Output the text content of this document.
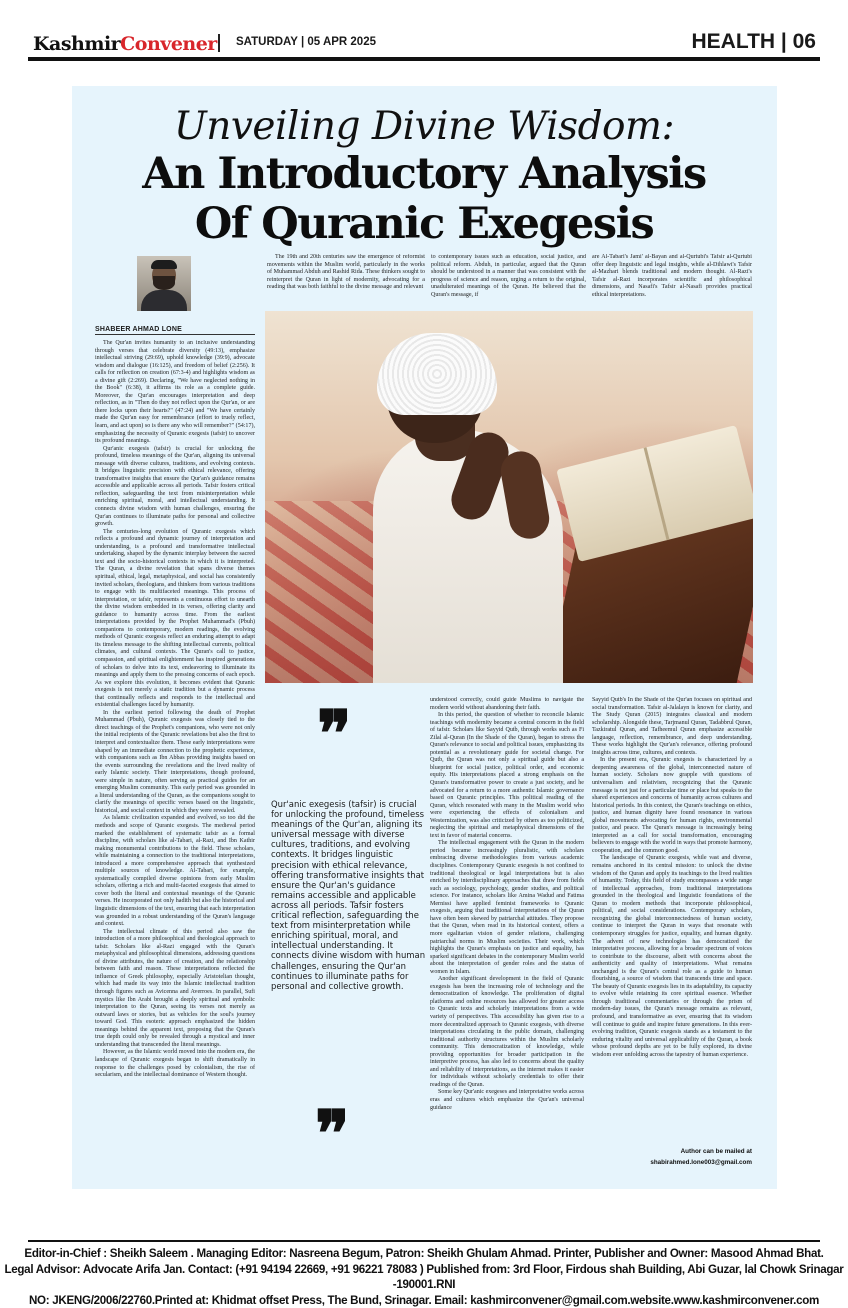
KashmirConvener SATURDAY | 05 APR 2025	HEALTH | 06
Unveiling Divine Wisdom:
An Introductory Analysis
Of Quranic Exegesis
SHABEER AHMAD LONE

The Qur'an invites humanity to an inclusive understanding through verses that celebrate diversity (49:13), emphasize intellectual striving (29:69), uphold knowledge (39:9), advocate wisdom and dialogue (16:125), and freedom of belief (2:256). It calls for reflection on creation (67:3-4) and highlights wisdom as a divine gift (2:269). Declaring, "We have neglected nothing in the Book" (6:38), it affirms its role as a complete guide. Moreover, the Qur'an encourages interpretation and deep reflection, as in "Then do they not reflect upon the Qur'an, or are there locks upon their hearts?" (47:24) and "We have certainly made the Qur'an easy for remembrance (effort to truely reflect, learn, and act upon) so is there any who will remember?" (54:17), emphasizing the necessity of Quranic exegesis (tafsir) to uncover its profound meanings.

Qur'anic exegesis (tafsir) is crucial for unlocking the profound, timeless meanings of the Qur'an, aligning its universal message with diverse cultures, traditions, and evolving contexts. It bridges linguistic precision with ethical relevance, offering transformative insights that ensure the Qur'an's guidance remains accessible and applicable across all periods. Tafsir fosters critical reflection, safeguarding the text from misinterpretation while enriching spiritual, moral, and intellectual understanding. It connects divine wisdom with human challenges, ensuring the Qur'an continues to illuminate paths for personal and collective growth.

The centuries-long evolution of Quranic exegesis which reflects a profound and dynamic journey of interpretation and understanding, is a profound and transformative intellectual undertaking, shaped by the dynamic interplay between the sacred text and the socio-historical contexts in which it is interpreted. The Quran, a divine revelation that spans diverse themes spiritual, ethical, legal, metaphysical, and social has consistently invited scholars, theologians, and thinkers from various traditions to engage with its multifaceted meanings. This process of interpretation, or tafsir, represents a continuous effort to unearth the divine wisdom embedded in its verses, offering clarity and guidance to humanity across time. From the earliest interpretations provided by the Prophet Muhammad's (Pbuh) companions to contemporary, modern readings, the evolving methods of Quranic exegesis reflect an enduring attempt to adapt its timeless message to the shifting intellectual currents, political climates, and cultural contexts. The Quran's call to justice, compassion, and spiritual enlightenment has inspired generations of scholars to delve into its text, endeavoring to illuminate its meanings and apply them to the pressing concerns of each epoch. As we explore this evolution, it becomes evident that Quranic exegesis is not merely a static tradition but a dynamic process that continually reflects and responds to the intellectual and existential challenges faced by humanity.

In the earliest period following the death of Prophet Muhammad (Pbuh), Quranic exegesis was closely tied to the direct teachings of the Prophet's companions, who were not only the initial recipients of the Quranic revelations but also the first to interpret and contextualize them. These early interpretations were shaped by an immediate connection to the prophetic experience, with companions such as Ibn Abbas providing insights based on the events surrounding the revelations and the lived reality of early Islamic society. Their interpretations, though profound, were simple in nature, often serving as practical guides for an emerging Muslim community. This early period was grounded in a literal understanding of the Quran, as the companions sought to clarify the meanings of specific verses based on the linguistic, historical, and social context in which they were revealed.

As Islamic civilization expanded and evolved, so too did the methods and scope of Quranic exegesis. The medieval period marked the establishment of systematic tafsir as a formal discipline, with scholars like al-Tabari, al-Razi, and Ibn Kathir making monumental contributions to the field. These scholars, while maintaining a connection to the traditional interpretations, introduced a more comprehensive approach that synthesized multiple sources of knowledge. Al-Tabari, for example, systematically compiled diverse opinions from early Muslim scholars, offering a rich and multi-faceted exegesis that aimed to cover both the literal and contextual meanings of the Quranic verses. He incorporated not only hadith but also the historical and linguistic dimensions of the text, ensuring that each interpretation was grounded in a robust understanding of the Quran's language and context.

The intellectual climate of this period also saw the introduction of a more philosophical and theological approach to tafsir. Scholars like al-Razi engaged with the Quran's metaphysical and philosophical dimensions, addressing questions of divine attributes, the nature of creation, and the relationship between faith and reason. These interpretations reflected the influence of Greek philosophy, especially Aristotelian thought, which had made its way into the Islamic intellectual tradition through figures such as Avicenna and Averroes. In parallel, Sufi mystics like Ibn Arabi brought a deeply spiritual and symbolic interpretation to the Quran, seeing its verses not merely as outward laws or stories, but as vehicles for the soul's journey toward God. This esoteric approach emphasized the hidden meanings behind the apparent text, proposing that the Quran's true depth could only be revealed through a mystical and inner understanding that transcended the literal meanings.

However, as the Islamic world moved into the modern era, the landscape of Quranic exegesis began to shift dramatically in response to the challenges posed by colonialism, the rise of secularism, and the intellectual dominance of Western thought.

The 19th and 20th centuries saw the emergence of reformist movements within the Muslim world, particularly in the works of Muhammad Abduh and Rashid Rida. These thinkers sought to reinterpret the Quran in light of modernity, advocating for a reading that was both faithful to the divine message and relevant

to contemporary issues such as education, social justice, and political reform. Abduh, in particular, argued that the Quran should be understood in a manner that was consistent with the progress of science and reason, urging a return to the original, unadulterated meanings of the Quran. He believed that the Quran's message, if

are Al-Tabari's Jami' al-Bayan and al-Qurtubi's Tafsir al-Qurtubi offer deep linguistic and legal insights, while al-Dihlawi's Tafsir al-Mazhari blends traditional and modern thought. Al-Razi's Tafsir al-Razi incorporates scientific and philosophical dimensions, and Nasafi's Tafsir al-Nasafi provides practical ethical interpretations.

❞
Qur'anic exegesis (tafsir) is crucial for unlocking the profound, timeless meanings of the Qur'an, aligning its universal message with diverse cultures, traditions, and evolving contexts. It bridges linguistic precision with ethical relevance, offering transformative insights that ensure the Qur'an's guidance remains accessible and applicable across all periods. Tafsir fosters critical reflection, safeguarding the text from misinterpretation while enriching spiritual, moral, and intellectual understanding. It connects divine wisdom with human challenges, ensuring the Qur'an continues to illuminate paths for personal and collective growth.
❞

understood correctly, could guide Muslims to navigate the modern world without abandoning their faith.

In this period, the question of whether to reconcile Islamic teachings with modernity became a central concern in the field of tafsir. Scholars like Sayyid Qutb, through works such as Fi Zilal al-Quran (In the Shade of the Quran), began to stress the Quran's relevance to social and political issues, emphasizing its potential as a revolutionary guide for societal change. For Qutb, the Quran was not only a spiritual guide but also a blueprint for social justice, political order, and economic equity. His interpretations placed a strong emphasis on the Quran's transformative power to create a just society, and he advocated for a return to a more authentic Islamic governance based on Quranic principles. This political reading of the Quran, which resonated with many in the Muslim world who were experiencing the effects of colonialism and Westernization, was also criticized by others as too politicized, neglecting the spiritual and metaphysical dimensions of the text in favor of material concerns.

The intellectual engagement with the Quran in the modern period became increasingly pluralistic, with scholars embracing diverse methodologies from various academic disciplines. Contemporary Quranic exegesis is not confined to traditional theological or legal interpretations but is also enriched by interdisciplinary approaches that draw from fields such as sociology, psychology, gender studies, and political science. For instance, scholars like Amina Wadud and Fatima Mernissi have applied feminist frameworks to Quranic exegesis, arguing that traditional interpretations of the Quran have often been skewed by patriarchal attitudes. They propose that the Quran, when read in its historical context, offers a more egalitarian vision of gender relations, challenging patriarchal norms in Muslim societies. Their work, which highlights the Quran's emphasis on justice and equality, has sparked significant debates in the contemporary Muslim world about the interpretation of gender roles and the status of women in Islam.

Another significant development in the field of Quranic exegesis has been the increasing role of technology and the democratization of knowledge. The proliferation of digital platforms and online resources has allowed for greater access to Quranic texts and scholarly interpretations from a wide variety of perspectives. This accessibility has given rise to a more decentralized approach to Quranic exegesis, with diverse interpretations circulating in the public domain, challenging traditional authority structures within the Muslim scholarly community. This democratization of knowledge, while providing opportunities for broader participation in the interpretive process, has also led to concerns about the quality and reliability of interpretations, as the internet makes it easier for individuals without scholarly credentials to offer their readings of the Quran.

Some key Qur'anic exegeses and interpretative works across eras and cultures which emphasize the Qur'an's universal guidance

Sayyid Qutb's In the Shade of the Qur'an focuses on spiritual and social transformation. Tafsir al-Jalalayn is known for clarity, and The Study Quran (2015) integrates classical and modern scholarship. Alongside these, Tarjmanul Quran, Tadabbrul Quran, Tazkiratul Quran, and Tafheemul Quran emphasize accessible language, reflection, remembrance, and deep understanding. These works highlight the Qur'an's relevance, offering profound insights across time, cultures, and contexts.

In the present era, Quranic exegesis is characterized by a deepening awareness of the global, interconnected nature of human society. Scholars now grapple with questions of universalism and relativism, recognizing that the Quranic message is not just for a particular time or place but speaks to the shared experiences and concerns of humanity across cultures and historical periods. In this context, the Quran's teachings on ethics, justice, and human dignity have found resonance in various global movements advocating for human rights, environmental justice, and peace. The Quran's message is increasingly being interpreted as a call for social transformation, encouraging believers to engage with the world in ways that promote harmony, cooperation, and the common good.

The landscape of Quranic exegesis, while vast and diverse, remains anchored in its central mission: to unlock the divine wisdom of the Quran and apply its teachings to the lived realities of humanity. Today, this field of study encompasses a wide range of intellectual approaches, from traditional interpretations grounded in the theological and linguistic foundations of the Quran to modern methods that incorporate philosophical, political, and social considerations. Contemporary scholars, recognizing the global interconnectedness of human society, continue to interpret the Quran in ways that resonate with contemporary struggles for justice, equality, and human dignity. The advent of new technologies has democratized the interpretative process, allowing for a broader spectrum of voices to contribute to the discourse, albeit with concerns about the authenticity and quality of interpretations. What remains unchanged is the Quran's central role as a guide to human flourishing, a source of wisdom that transcends time and space. The beauty of Quranic exegesis lies in its adaptability, its capacity to evolve while retaining its core spiritual essence. Whether through traditional commentaries or through the prism of modern-day issues, the Quran's message remains as relevant, profound, and transformative as ever, ensuring that its wisdom will continue to guide and inspire future generations. In this ever-evolving tradition, Quranic exegesis stands as a testament to the enduring vitality and universal applicability of the Quran, a book whose profound depths are yet to be fully explored, its divine wisdom ever unfolding across the tapestry of human experience.

Author can be mailed at
shabirahmed.lone003@gmail.com
Editor-in-Chief : Sheikh Saleem . Managing Editor: Nasreena Begum, Patron: Sheikh Ghulam Ahmad. Printer, Publisher and Owner: Masood Ahmad Bhat.
Legal Advisor: Advocate Arifa Jan. Contact: (+91 94194 22669, +91 96221 78083 ) Published from: 3rd Floor, Firdous shah Building, Abi Guzar, lal Chowk Srinagar -190001.RNI
NO: JKENG/2006/22760.Printed at: Khidmat offset Press, The Bund, Srinagar. Email: kashmirconvener@gmail.com.website.www.kashmirconvener.com
